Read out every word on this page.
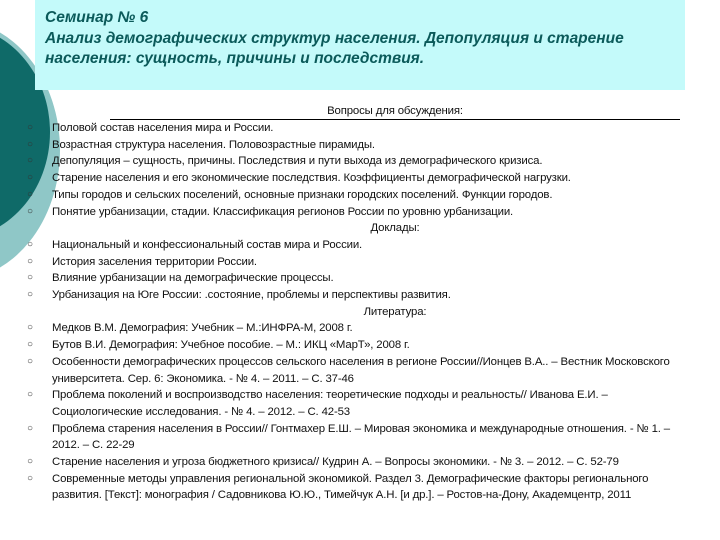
Семинар № 6
Анализ демографических структур населения. Депопуляция и старение населения: сущность, причины и последствия.
Вопросы для обсуждения:
○ Половой состав населения мира и России.
○ Возрастная структура населения. Половозрастные пирамиды.
○ Депопуляция – сущность, причины. Последствия и пути выхода из демографического кризиса.
○ Старение населения и его экономические последствия. Коэффициенты демографической нагрузки.
○ Типы городов и сельских поселений, основные признаки городских поселений. Функции городов.
○ Понятие урбанизации, стадии. Классификация регионов России по уровню урбанизации.
Доклады:
○ Национальный и конфессиональный состав мира и России.
○ История заселения территории России.
○ Влияние урбанизации на демографические процессы.
○ Урбанизация на Юге России: .состояние, проблемы и перспективы развития.
Литература:
○ Медков В.М. Демография: Учебник – М.:ИНФРА-М, 2008 г.
○ Бутов В.И. Демография: Учебное пособие. – М.: ИКЦ «МарТ», 2008 г.
○ Особенности демографических процессов сельского населения в регионе России//Ионцев В.А.. – Вестник Московского университета. Сер. 6: Экономика. - № 4. – 2011. – С. 37-46
○ Проблема поколений и воспроизводство населения: теоретические подходы и реальность// Иванова Е.И. – Социологические исследования. - № 4. – 2012. – С. 42-53
○ Проблема старения населения в России// Гонтмахер Е.Ш. – Мировая экономика и международные отношения. - № 1. – 2012. – С. 22-29
○ Старение населения и угроза бюджетного кризиса// Кудрин А. – Вопросы экономики. - № 3. – 2012. – С. 52-79
○ Современные методы управления региональной экономикой. Раздел 3. Демографические факторы регионального развития. [Текст]: монография / Садовникова Ю.Ю., Тимейчук А.Н. [и др.]. – Ростов-на-Дону, Академцентр, 2011
